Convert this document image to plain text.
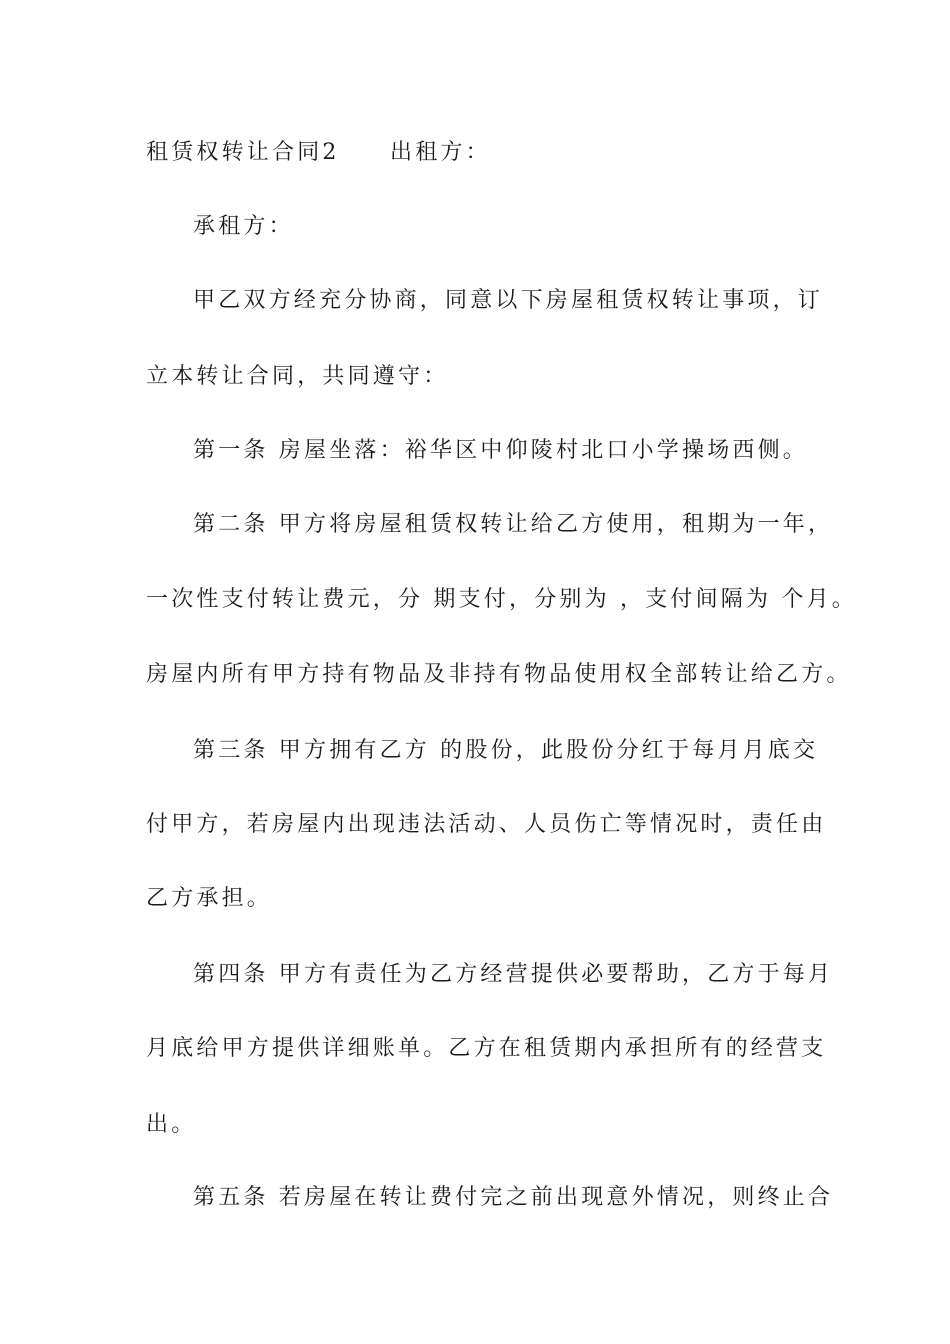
租赁权转让合同2　　出租方：
承租方：
甲乙双方经充分协商，同意以下房屋租赁权转让事项，订
立本转让合同，共同遵守：
第一条 房屋坐落：裕华区中仰陵村北口小学操场西侧。
第二条 甲方将房屋租赁权转让给乙方使用，租期为一年，
一次性支付转让费元，分 期支付，分别为 ，支付间隔为 个月。
房屋内所有甲方持有物品及非持有物品使用权全部转让给乙方。
第三条 甲方拥有乙方 的股份，此股份分红于每月月底交
付甲方，若房屋内出现违法活动、人员伤亡等情况时，责任由
乙方承担。
第四条 甲方有责任为乙方经营提供必要帮助，乙方于每月
月底给甲方提供详细账单。乙方在租赁期内承担所有的经营支
出。
第五条 若房屋在转让费付完之前出现意外情况，则终止合
